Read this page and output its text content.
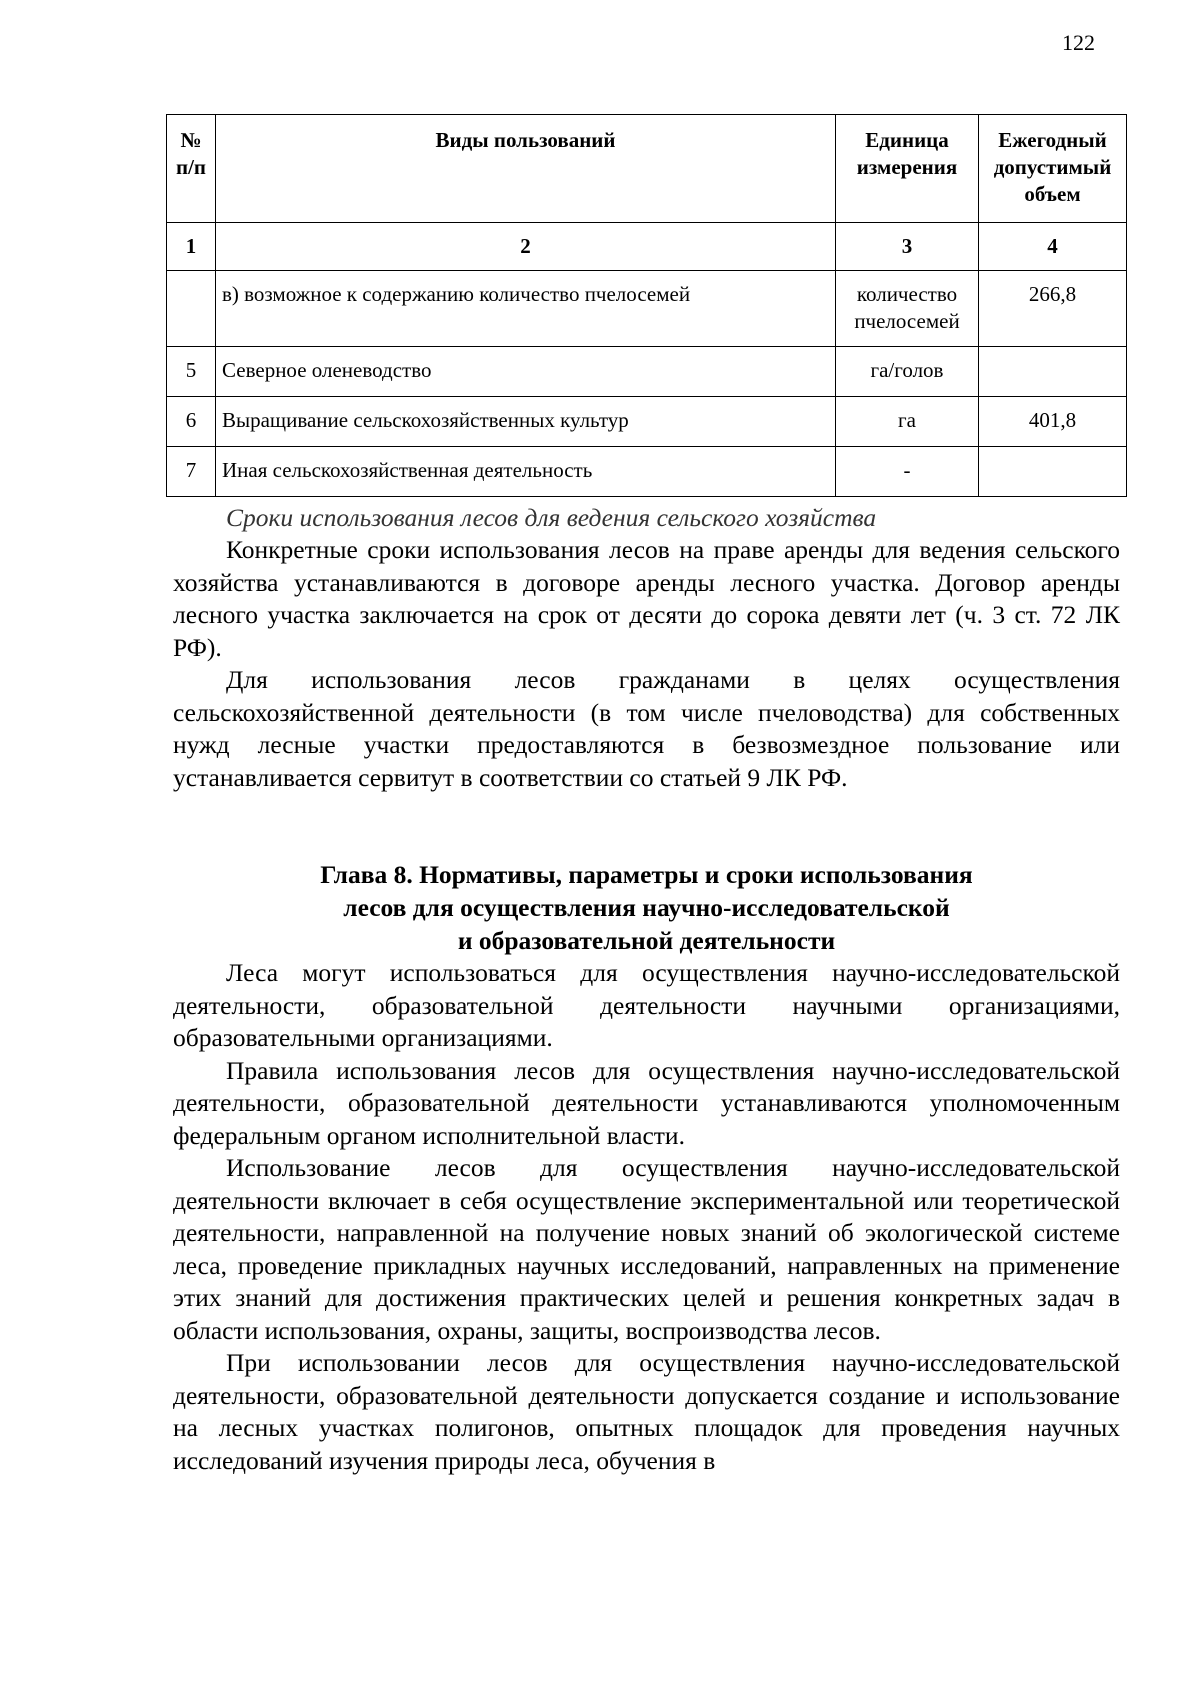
122
№ п/п	Виды пользований	Единица измерения	Ежегодный допустимый объем
1	2	3	4
	в) возможное к содержанию количество пчелосемей	количество пчелосемей	266,8
5	Северное оленеводство	га/голов	
6	Выращивание сельскохозяйственных культур	га	401,8
7	Иная сельскохозяйственная деятельность	-	
Сроки использования лесов для ведения сельского хозяйства

Конкретные сроки использования лесов на праве аренды для ведения сельского хозяйства устанавливаются в договоре аренды лесного участка. Договор аренды лесного участка заключается на срок от десяти до сорока девяти лет (ч. 3 ст. 72 ЛК РФ).

Для использования лесов гражданами в целях осуществления сельскохозяйственной деятельности (в том числе пчеловодства) для собственных нужд лесные участки предоставляются в безвозмездное пользование или устанавливается сервитут в соответствии со статьей 9 ЛК РФ.

Глава 8. Нормативы, параметры и сроки использования
лесов для осуществления научно-исследовательской
и образовательной деятельности

Леса могут использоваться для осуществления научно-исследовательской деятельности, образовательной деятельности научными организациями, образовательными организациями.

Правила использования лесов для осуществления научно-исследовательской деятельности, образовательной деятельности устанавливаются уполномоченным федеральным органом исполнительной власти.

Использование лесов для осуществления научно-исследовательской деятельности включает в себя осуществление экспериментальной или теоретической деятельности, направленной на получение новых знаний об экологической системе леса, проведение прикладных научных исследований, направленных на применение этих знаний для достижения практических целей и решения конкретных задач в области использования, охраны, защиты, воспроизводства лесов.

При использовании лесов для осуществления научно-исследовательской деятельности, образовательной деятельности допускается создание и использование на лесных участках полигонов, опытных площадок для проведения научных исследований изучения природы леса, обучения в
